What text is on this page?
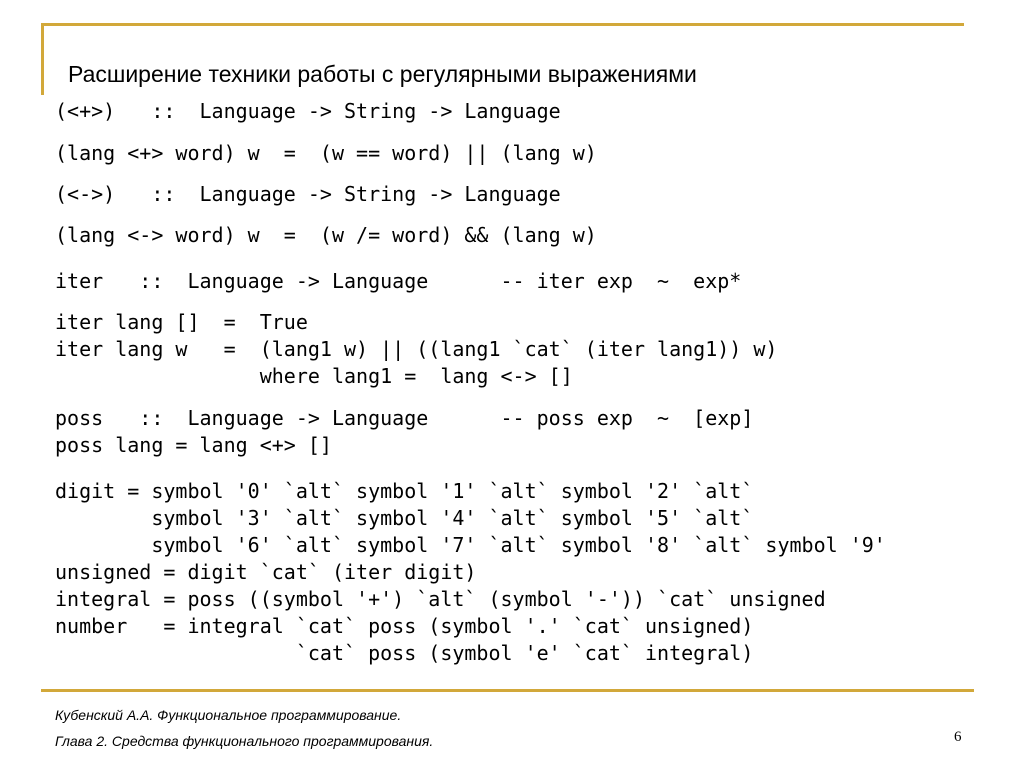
Расширение техники работы с регулярными выражениями
(<+>)   ::  Language -> String -> Language
(lang <+> word) w  =  (w == word) || (lang w)
(<->)   ::  Language -> String -> Language
(lang <-> word) w  =  (w /= word) && (lang w)
iter   ::  Language -> Language      -- iter exp  ~  exp*
iter lang []  =  True
iter lang w   =  (lang1 w) || ((lang1 `cat` (iter lang1)) w)
where lang1 =  lang <-> []
poss   ::  Language -> Language      -- poss exp  ~  [exp]
poss lang = lang <+> []
digit = symbol '0' `alt` symbol '1' `alt` symbol '2' `alt`
symbol '3' `alt` symbol '4' `alt` symbol '5' `alt`
symbol '6' `alt` symbol '7' `alt` symbol '8' `alt` symbol '9'
unsigned = digit `cat` (iter digit)
integral = poss ((symbol '+') `alt` (symbol '-')) `cat` unsigned
number   = integral `cat` poss (symbol '.' `cat` unsigned)
`cat` poss (symbol 'e' `cat` integral)
Кубенский А.А. Функциональное программирование.
Глава 2. Средства функционального программирования.	6
